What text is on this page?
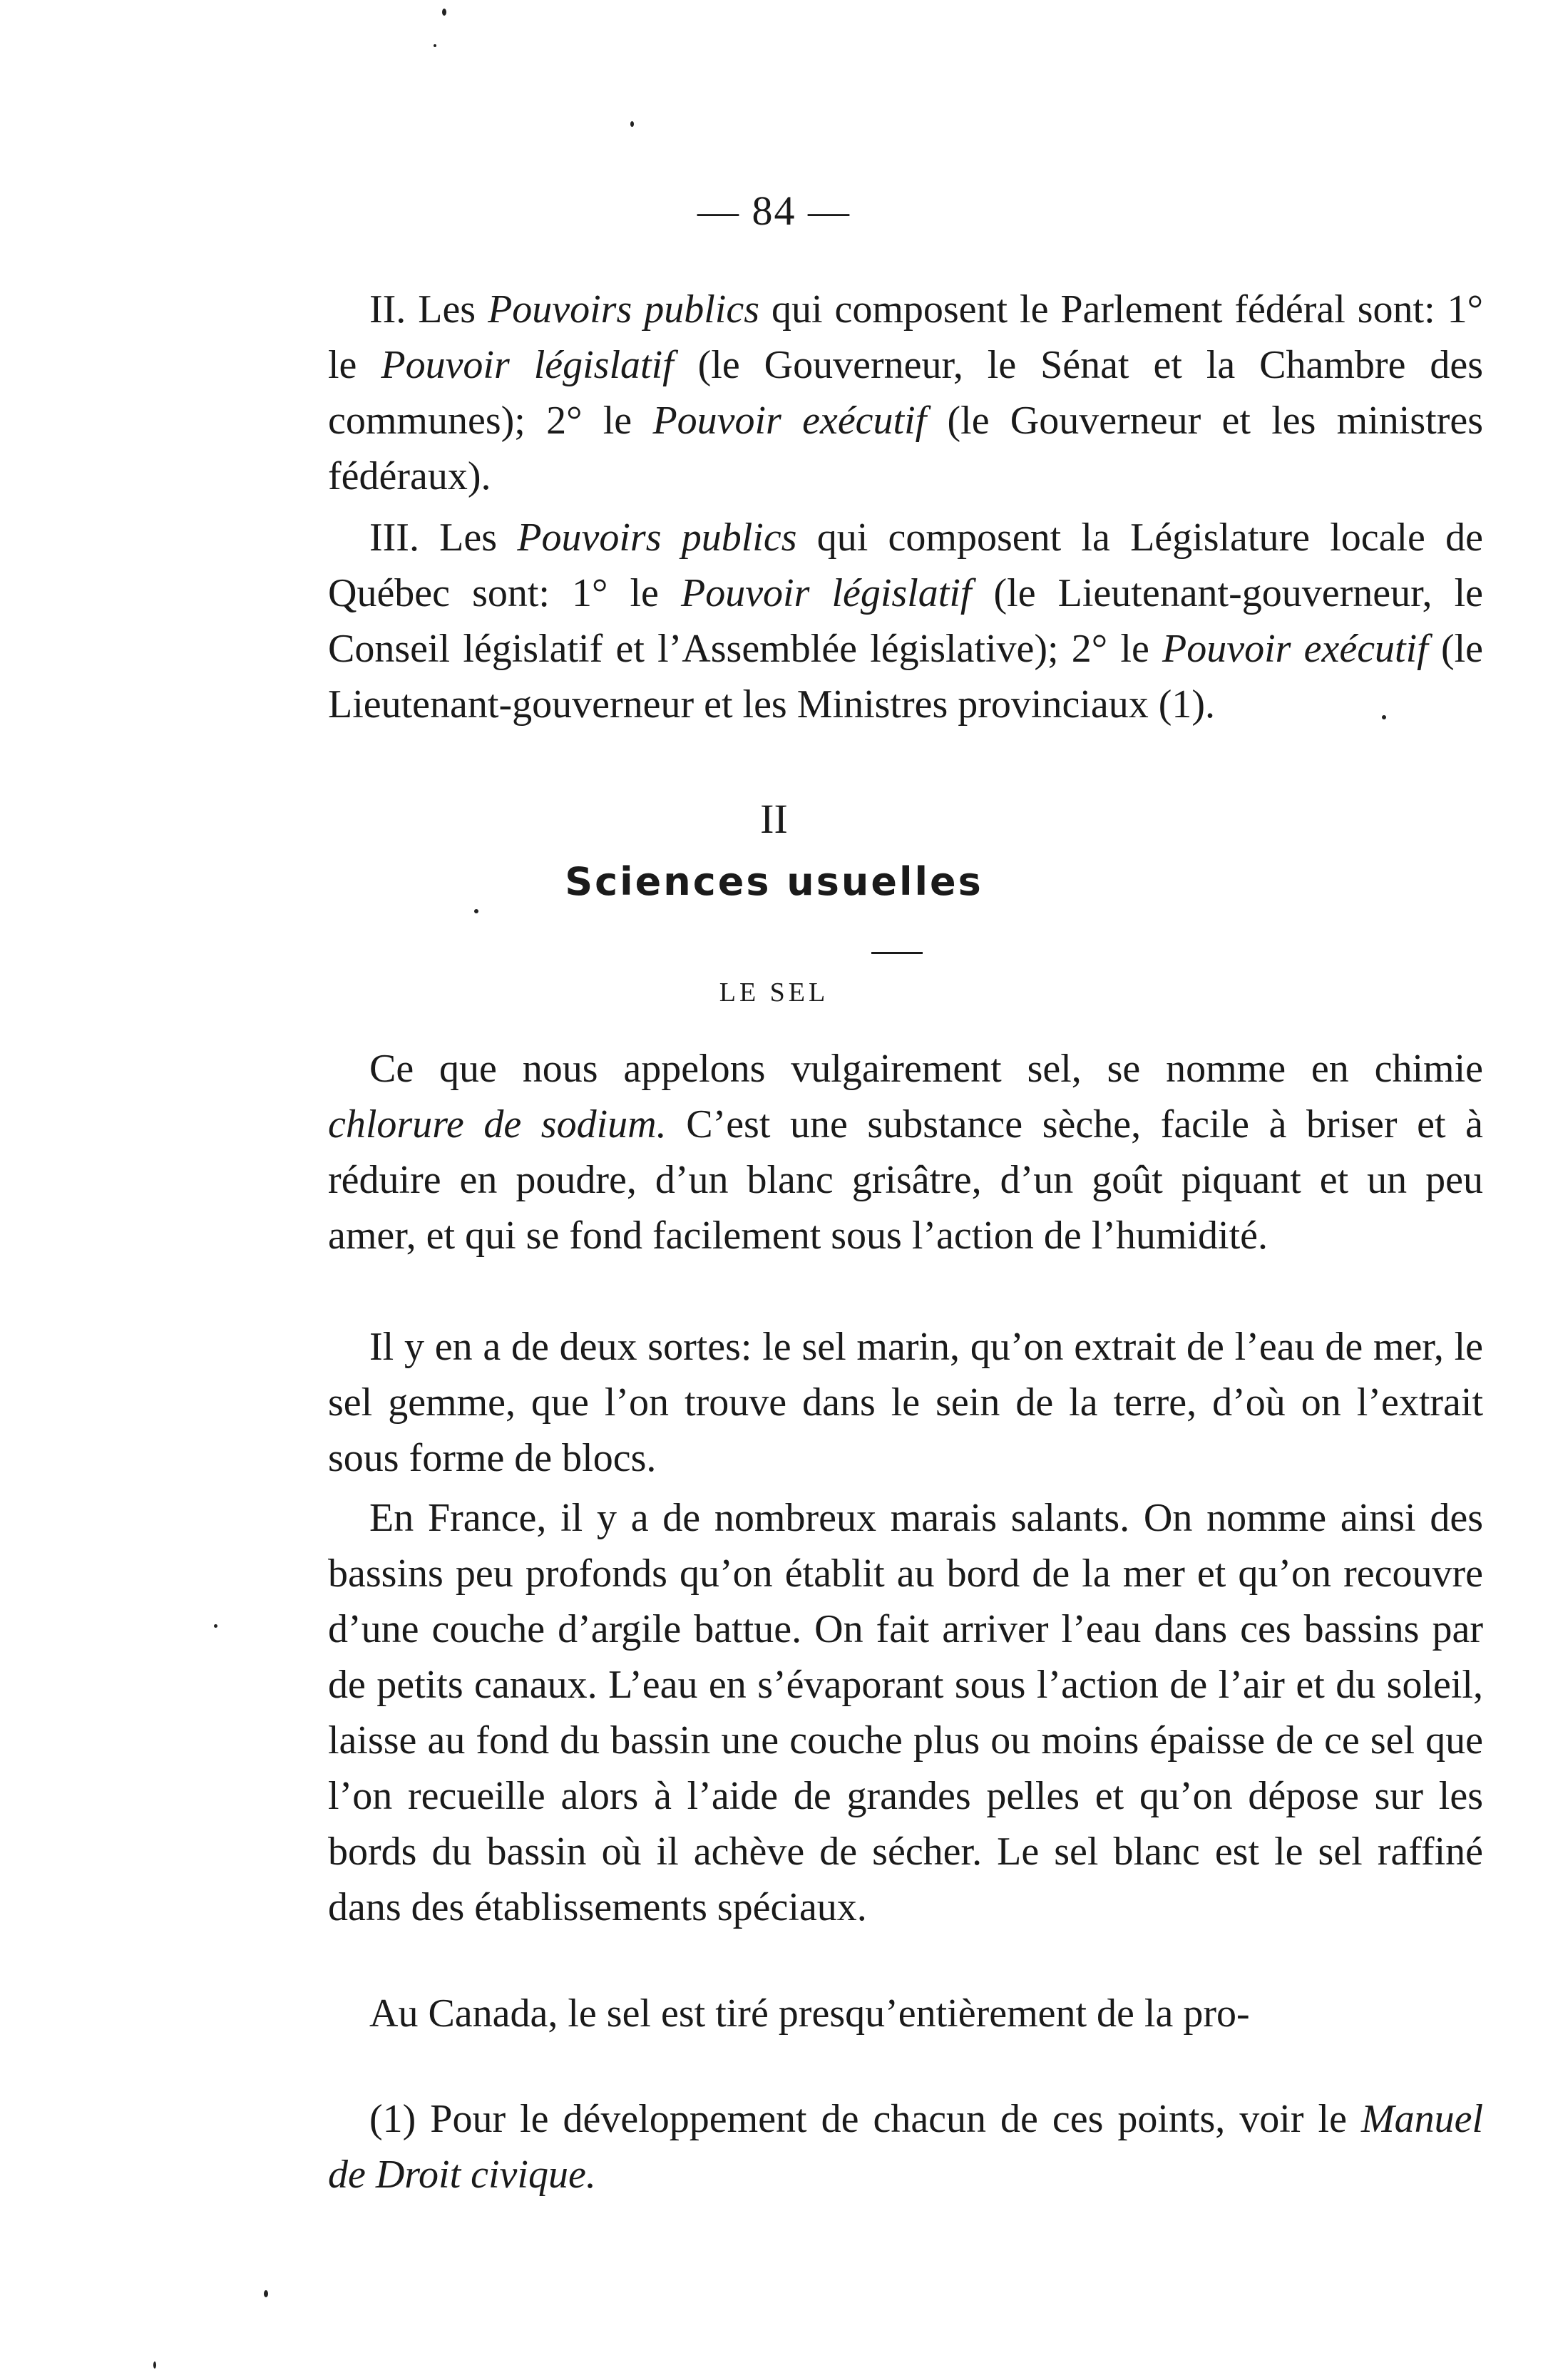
— 84 —

II. Les Pouvoirs publics qui composent le Parlement fédéral sont: 1° le Pouvoir législatif (le Gouverneur, le Sénat et la Chambre des communes); 2° le Pouvoir exécutif (le Gouverneur et les ministres fédéraux).

III. Les Pouvoirs publics qui composent la Législature locale de Québec sont: 1° le Pouvoir législatif (le Lieutenant-gouverneur, le Conseil législatif et l’Assemblée législative); 2° le Pouvoir exécutif (le Lieutenant-gouverneur et les Ministres provinciaux (1).

II
Sciences usuelles
LE SEL

Ce que nous appelons vulgairement sel, se nomme en chimie chlorure de sodium. C’est une substance sèche, facile à briser et à réduire en poudre, d’un blanc grisâtre, d’un goût piquant et un peu amer, et qui se fond facilement sous l’action de l’humidité.

Il y en a de deux sortes: le sel marin, qu’on extrait de l’eau de mer, le sel gemme, que l’on trouve dans le sein de la terre, d’où on l’extrait sous forme de blocs.

En France, il y a de nombreux marais salants. On nomme ainsi des bassins peu profonds qu’on établit au bord de la mer et qu’on recouvre d’une couche d’argile battue. On fait arriver l’eau dans ces bassins par de petits canaux. L’eau en s’évaporant sous l’action de l’air et du soleil, laisse au fond du bassin une couche plus ou moins épaisse de ce sel que l’on recueille alors à l’aide de grandes pelles et qu’on dépose sur les bords du bassin où il achève de sécher. Le sel blanc est le sel raffiné dans des établissements spéciaux.

Au Canada, le sel est tiré presqu’entièrement de la pro-

(1) Pour le développement de chacun de ces points, voir le Manuel de Droit civique.
